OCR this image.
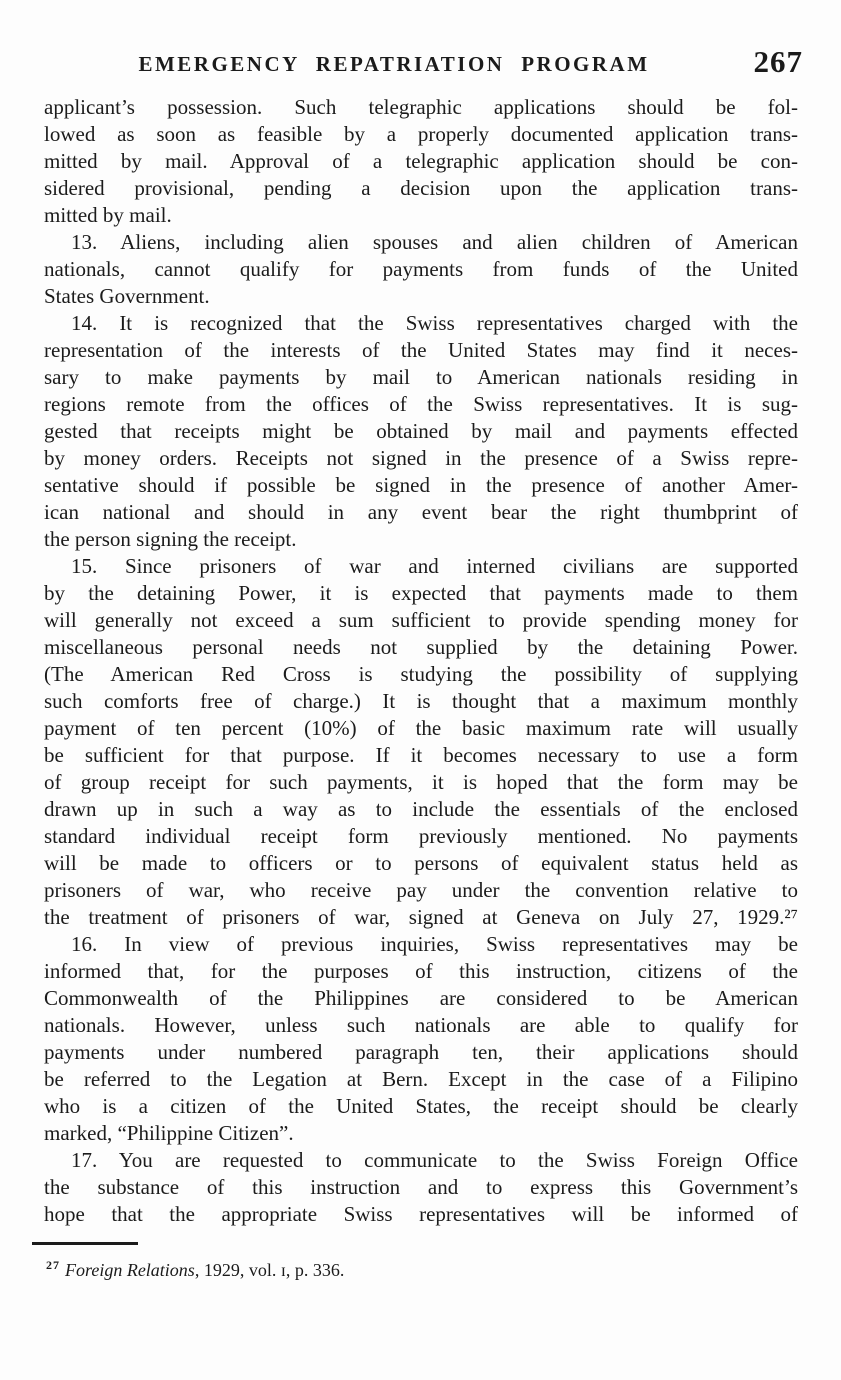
EMERGENCY REPATRIATION PROGRAM	267
applicant’s possession. Such telegraphic applications should be fol-
lowed as soon as feasible by a properly documented application trans-
mitted by mail. Approval of a telegraphic application should be con-
sidered provisional, pending a decision upon the application trans-
mitted by mail.
13. Aliens, including alien spouses and alien children of American
nationals, cannot qualify for payments from funds of the United
States Government.
14. It is recognized that the Swiss representatives charged with the
representation of the interests of the United States may find it neces-
sary to make payments by mail to American nationals residing in
regions remote from the offices of the Swiss representatives. It is sug-
gested that receipts might be obtained by mail and payments effected
by money orders. Receipts not signed in the presence of a Swiss repre-
sentative should if possible be signed in the presence of another Amer-
ican national and should in any event bear the right thumbprint of
the person signing the receipt.
15. Since prisoners of war and interned civilians are supported
by the detaining Power, it is expected that payments made to them
will generally not exceed a sum sufficient to provide spending money for
miscellaneous personal needs not supplied by the detaining Power.
(The American Red Cross is studying the possibility of supplying
such comforts free of charge.) It is thought that a maximum monthly
payment of ten percent (10%) of the basic maximum rate will usually
be sufficient for that purpose. If it becomes necessary to use a form
of group receipt for such payments, it is hoped that the form may be
drawn up in such a way as to include the essentials of the enclosed
standard individual receipt form previously mentioned. No payments
will be made to officers or to persons of equivalent status held as
prisoners of war, who receive pay under the convention relative to
the treatment of prisoners of war, signed at Geneva on July 27, 1929.²⁷
16. In view of previous inquiries, Swiss representatives may be
informed that, for the purposes of this instruction, citizens of the
Commonwealth of the Philippines are considered to be American
nationals. However, unless such nationals are able to qualify for
payments under numbered paragraph ten, their applications should
be referred to the Legation at Bern. Except in the case of a Filipino
who is a citizen of the United States, the receipt should be clearly
marked, “Philippine Citizen”.
17. You are requested to communicate to the Swiss Foreign Office
the substance of this instruction and to express this Government’s
hope that the appropriate Swiss representatives will be informed of
$^{27}$ Foreign Relations, 1929, vol. ɪ, p. 336.
